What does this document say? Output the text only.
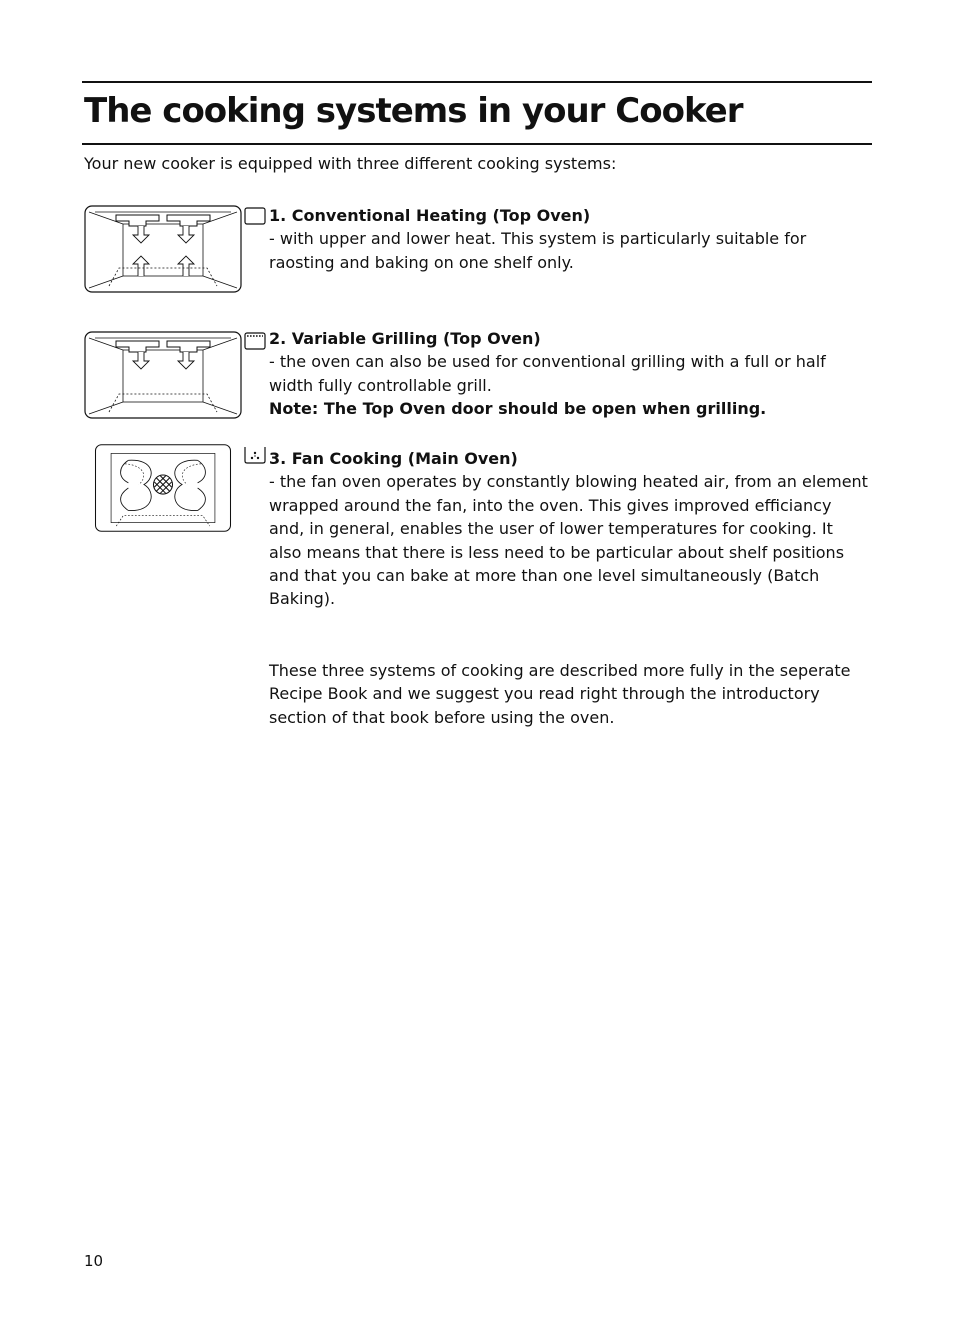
The cooking systems in your Cooker
Your new cooker is equipped with three different cooking systems:

1. Conventional Heating (Top Oven)

- with upper and lower heat. This system is particularly suitable for raosting and baking on one shelf only.

2. Variable Grilling (Top Oven)

- the oven can also be used for conventional grilling with a full or half width fully controllable grill.

Note: The Top Oven door should be open when grilling.

3. Fan Cooking (Main Oven)

- the fan oven operates by constantly blowing heated air, from an element wrapped around the fan, into the oven. This gives improved efficiancy and, in general, enables the user of lower temperatures for cooking. It also means that there is less need to be particular about shelf positions and that you can bake at more than one level simultaneously (Batch Baking).

These three systems of cooking are described more fully in the seperate Recipe Book and we suggest you read right through the introductory section of that book before using the oven.

10
